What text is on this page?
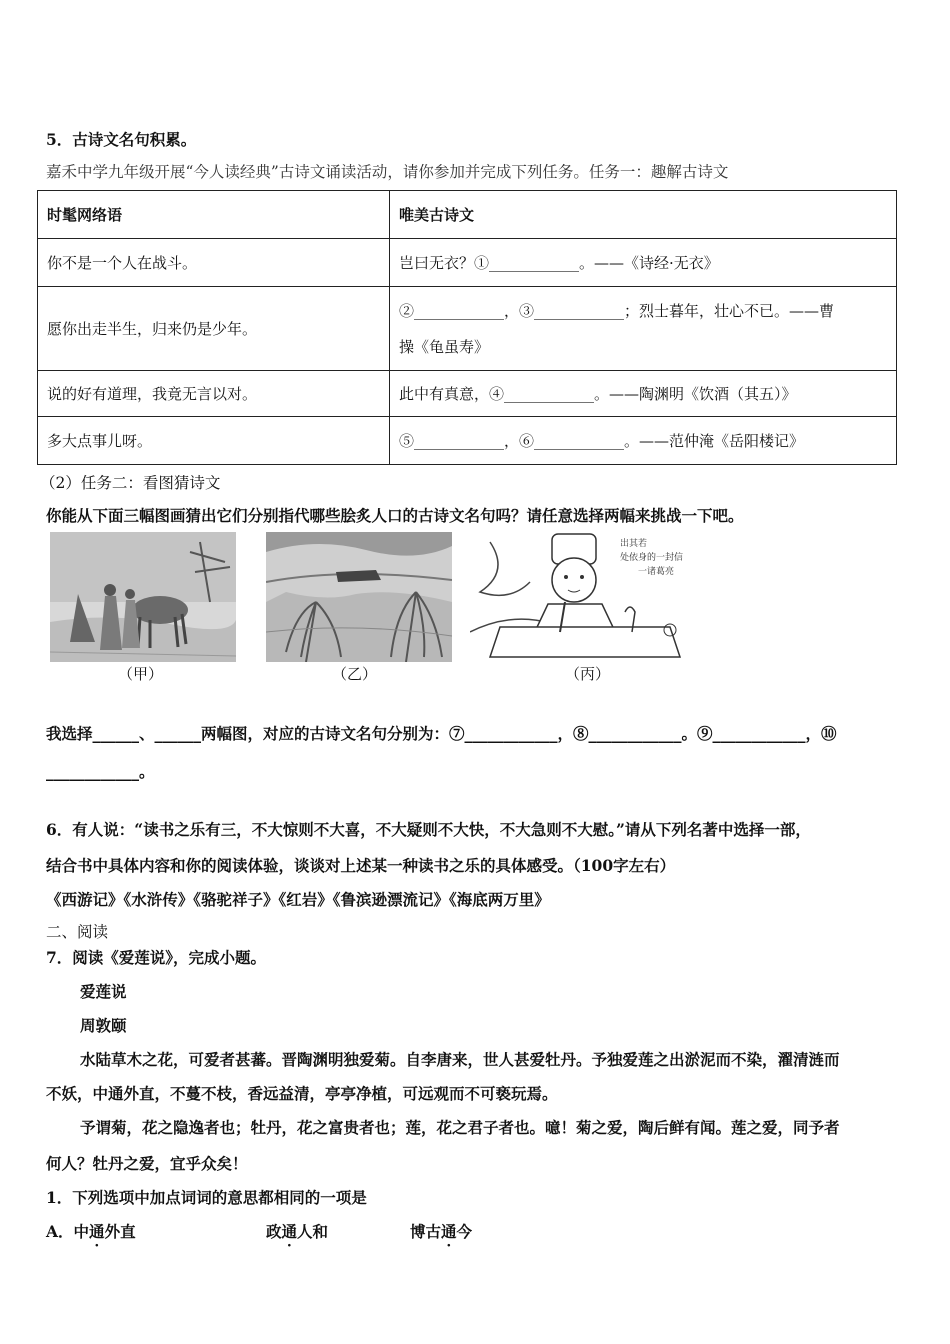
5．古诗文名句积累。
嘉禾中学九年级开展“今人读经典”古诗文诵读活动，请你参加并完成下列任务。任务一：趣解古诗文
时髦网络语	唯美古诗文
你不是一个人在战斗。	岂曰无衣？①____________。——《诗经·无衣》
愿你出走半生，归来仍是少年。	②____________，③____________；烈士暮年，壮心不已。——曹
操《龟虽寿》
说的好有道理，我竟无言以对。	此中有真意，④____________。——陶渊明《饮酒（其五）》
多大点事儿呀。	⑤____________，⑥____________。——范仲淹《岳阳楼记》
（2）任务二：看图猜诗文
你能从下面三幅图画猜出它们分别指代哪些脍炙人口的古诗文名句吗？请任意选择两幅来挑战一下吧。
（甲）	（乙）
出其若
处依身的一封信
一诸葛亮
（丙）
我选择______、______两幅图，对应的古诗文名句分别为：⑦____________，⑧____________。⑨____________，⑩
____________。
6．有人说：“读书之乐有三，不大惊则不大喜，不大疑则不大快，不大急则不大慰。”请从下列名著中选择一部，
结合书中具体内容和你的阅读体验，谈谈对上述某一种读书之乐的具体感受。（100字左右）
《西游记》《水浒传》《骆驼祥子》《红岩》《鲁滨逊漂流记》《海底两万里》
二、阅读
7．阅读《爱莲说》，完成小题。
爱莲说
周敦颐
水陆草木之花，可爱者甚蕃。晋陶渊明独爱菊。自李唐来，世人甚爱牡丹。予独爱莲之出淤泥而不染，濯清涟而
不妖，中通外直，不蔓不枝，香远益清，亭亭净植，可远观而不可亵玩焉。
予谓菊，花之隐逸者也；牡丹，花之富贵者也；莲，花之君子者也。噫！菊之爱，陶后鲜有闻。莲之爱，同予者
何人？牡丹之爱，宜乎众矣！
1．下列选项中加点词词的意思都相同的一项是
A．中通外直	政通人和	博古通今
